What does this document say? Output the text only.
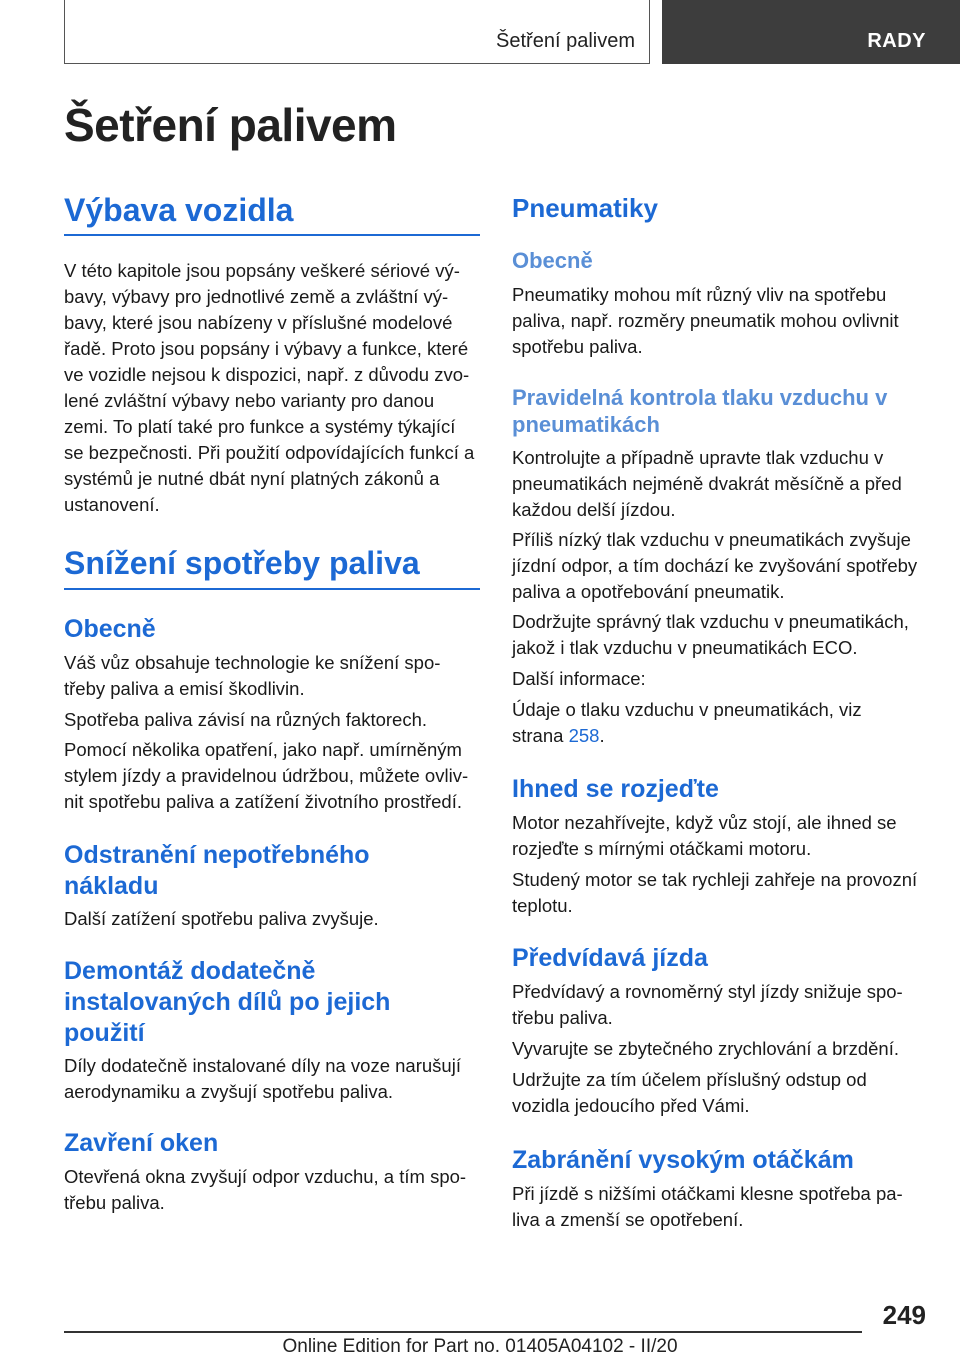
Šetření palivem	RADY
Šetření palivem
Výbava vozidla
V této kapitole jsou popsány veškeré sériové vý-
bavy, výbavy pro jednotlivé země a zvláštní vý-
bavy, které jsou nabízeny v příslušné modelové
řadě. Proto jsou popsány i výbavy a funkce, které
ve vozidle nejsou k dispozici, např. z důvodu zvo-
lené zvláštní výbavy nebo varianty pro danou
zemi. To platí také pro funkce a systémy týkající
se bezpečnosti. Při použití odpovídajících funkcí a
systémů je nutné dbát nyní platných zákonů a
ustanovení.
Snížení spotřeby paliva
Obecně
Váš vůz obsahuje technologie ke snížení spo-
třeby paliva a emisí škodlivin.
Spotřeba paliva závisí na různých faktorech.
Pomocí několika opatření, jako např. umírněným
stylem jízdy a pravidelnou údržbou, můžete ovliv-
nit spotřebu paliva a zatížení životního prostředí.
Odstranění nepotřebného
nákladu
Další zatížení spotřebu paliva zvyšuje.
Demontáž dodatečně
instalovaných dílů po jejich
použití
Díly dodatečně instalované díly na voze narušují
aerodynamiku a zvyšují spotřebu paliva.
Zavření oken
Otevřená okna zvyšují odpor vzduchu, a tím spo-
třebu paliva.
Pneumatiky
Obecně
Pneumatiky mohou mít různý vliv na spotřebu
paliva, např. rozměry pneumatik mohou ovlivnit
spotřebu paliva.
Pravidelná kontrola tlaku vzduchu v
pneumatikách
Kontrolujte a případně upravte tlak vzduchu v
pneumatikách nejméně dvakrát měsíčně a před
každou delší jízdou.
Příliš nízký tlak vzduchu v pneumatikách zvyšuje
jízdní odpor, a tím dochází ke zvyšování spotřeby
paliva a opotřebování pneumatik.
Dodržujte správný tlak vzduchu v pneumatikách,
jakož i tlak vzduchu v pneumatikách ECO.
Další informace:
Údaje o tlaku vzduchu v pneumatikách, viz
strana 258.
Ihned se rozjeďte
Motor nezahřívejte, když vůz stojí, ale ihned se
rozjeďte s mírnými otáčkami motoru.
Studený motor se tak rychleji zahřeje na provozní
teplotu.
Předvídavá jízda
Předvídavý a rovnoměrný styl jízdy snižuje spo-
třebu paliva.
Vyvarujte se zbytečného zrychlování a brzdění.
Udržujte za tím účelem příslušný odstup od
vozidla jedoucího před Vámi.
Zabránění vysokým otáčkám
Při jízdě s nižšími otáčkami klesne spotřeba pa-
liva a zmenší se opotřebení.
249
Online Edition for Part no. 01405A04102 - II/20
